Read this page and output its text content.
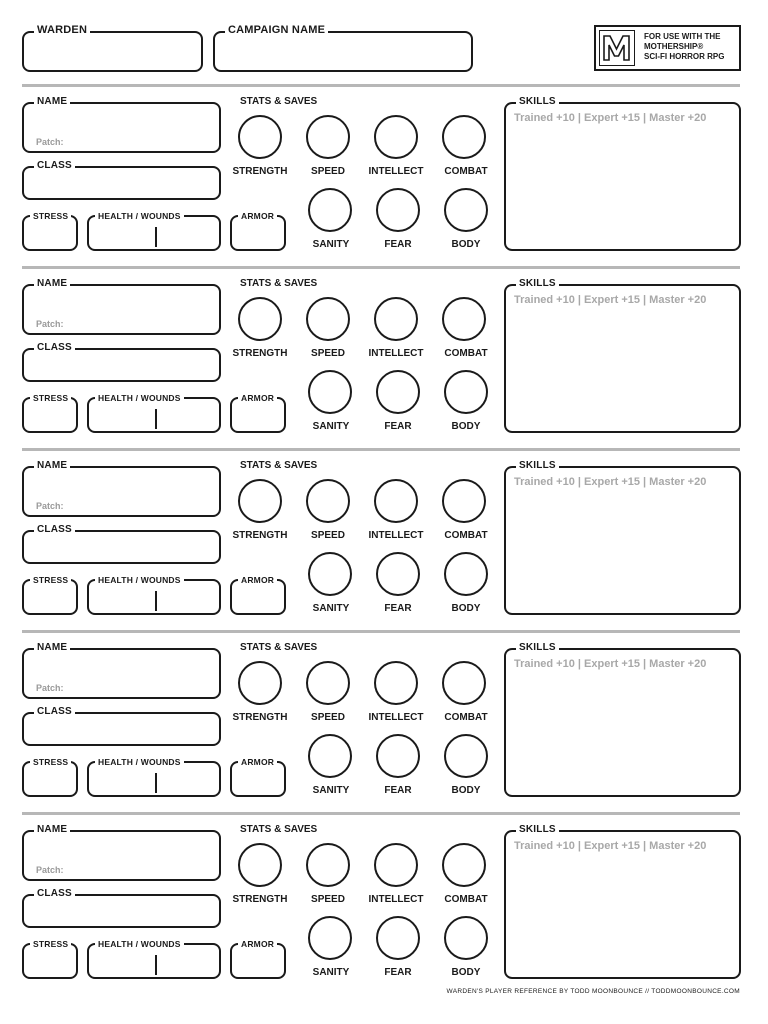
WARDEN	CAMPAIGN NAME
FOR USE WITH THE
MOTHERSHIP®
SCI-FI HORROR RPG
NAME
Patch:
CLASS
STRESS	HEALTH / WOUNDS	ARMOR
STATS & SAVES
STRENGTH	SPEED	INTELLECT	COMBAT
SANITY	FEAR	BODY
SKILLS
Trained +10 | Expert +15 | Master +20
NAME
Patch:
CLASS
STRESS	HEALTH / WOUNDS	ARMOR
STATS & SAVES
STRENGTH	SPEED	INTELLECT	COMBAT
SANITY	FEAR	BODY
SKILLS
Trained +10 | Expert +15 | Master +20
NAME
Patch:
CLASS
STRESS	HEALTH / WOUNDS	ARMOR
STATS & SAVES
STRENGTH	SPEED	INTELLECT	COMBAT
SANITY	FEAR	BODY
SKILLS
Trained +10 | Expert +15 | Master +20
NAME
Patch:
CLASS
STRESS	HEALTH / WOUNDS	ARMOR
STATS & SAVES
STRENGTH	SPEED	INTELLECT	COMBAT
SANITY	FEAR	BODY
SKILLS
Trained +10 | Expert +15 | Master +20
NAME
Patch:
CLASS
STRESS	HEALTH / WOUNDS	ARMOR
STATS & SAVES
STRENGTH	SPEED	INTELLECT	COMBAT
SANITY	FEAR	BODY
SKILLS
Trained +10 | Expert +15 | Master +20
WARDEN'S PLAYER REFERENCE BY TODD MOONBOUNCE // TODDMOONBOUNCE.COM
